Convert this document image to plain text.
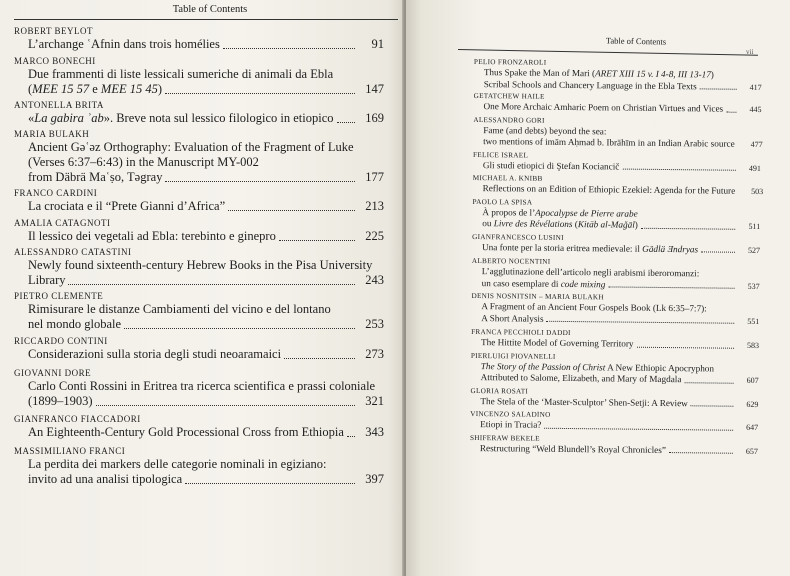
Table of Contents
ROBERT BEYLOT
L’archange ʿAfnin dans trois homélies	91
MARCO BONECHI
Due frammenti di liste lessicali sumeriche di animali da Ebla
(MEE 15 57 e MEE 15 45)	147
ANTONELLA BRITA
«La gabira ʾab». Breve nota sul lessico filologico in etiopico	169
MARIA BULAKH
Ancient Gəʿəz Orthography: Evaluation of the Fragment of Luke
(Verses 6:37–6:43) in the Manuscript MY-002
from Däbrä Maʿṣo, Təgray	177
FRANCO CARDINI
La crociata e il “Prete Gianni d’Africa”	213
AMALIA CATAGNOTI
Il lessico dei vegetali ad Ebla: terebinto e ginepro	225
ALESSANDRO CATASTINI
Newly found sixteenth-century Hebrew Books in the Pisa University
Library	243
PIETRO CLEMENTE
Rimisurare le distanze Cambiamenti del vicino e del lontano
nel mondo globale	253
RICCARDO CONTINI
Considerazioni sulla storia degli studi neoaramaici	273
GIOVANNI DORE
Carlo Conti Rossini in Eritrea tra ricerca scientifica e prassi coloniale
(1899–1903)	321
GIANFRANCO FIACCADORI
An Eighteenth-Century Gold Processional Cross from Ethiopia	343
MASSIMILIANO FRANCI
La perdita dei markers delle categorie nominali in egiziano:
invito ad una analisi tipologica	397
Table of Contents
vii
PELIO FRONZAROLI
Thus Spake the Man of Mari (ARET XIII 15 v. I 4-8, III 13-17)
Scribal Schools and Chancery Language in the Ebla Texts	417
GETATCHEW HAILE
One More Archaic Amharic Poem on Christian Virtues and Vices	445
ALESSANDRO GORI
Fame (and debts) beyond the sea:
two mentions of imām Aḥmad b. Ibrāhīm in an Indian Arabic source	477
FELICE ISRAEL
Gli studi etiopici di Ştefan Kociancič	491
MICHAEL A. KNIBB
Reflections on an Edition of Ethiopic Ezekiel: Agenda for the Future	503
PAOLO LA SPISA
À propos de l’Apocalypse de Pierre arabe
ou Livre des Révélations (Kitāb al-Maǧāl)	511
GIANFRANCESCO LUSINI
Una fonte per la storia eritrea medievale: il Gädlä Ǝndryas	527
ALBERTO NOCENTINI
L’agglutinazione dell’articolo negli arabismi iberoromanzi:
un caso esemplare di code mixing	537
DENIS NOSNITSIN – MARIA BULAKH
A Fragment of an Ancient Four Gospels Book (Lk 6:35–7:7):
A Short Analysis	551
FRANCA PECCHIOLI DADDI
The Hittite Model of Governing Territory	583
PIERLUIGI PIOVANELLI
The Story of the Passion of Christ A New Ethiopic Apocryphon
Attributed to Salome, Elizabeth, and Mary of Magdala	607
GLORIA ROSATI
The Stela of the ‘Master-Sculptor’ Shen-Setji: A Review	629
VINCENZO SALADINO
Etiopi in Tracia?	647
SHIFERAW BEKELE
Restructuring “Weld Blundell’s Royal Chronicles”	657
